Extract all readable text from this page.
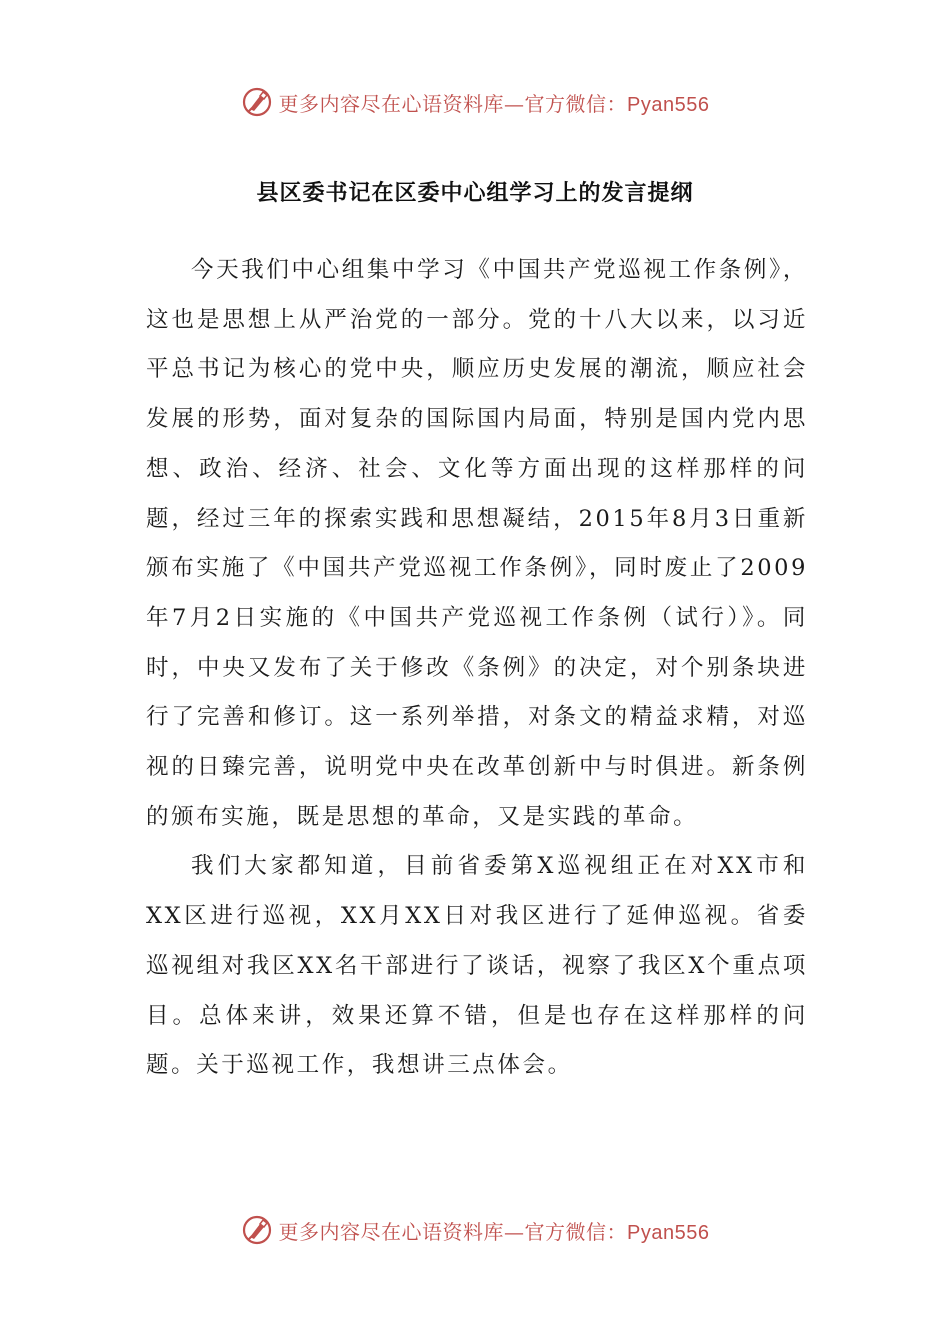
更多内容尽在心语资料库—官方微信：Pyan556
县区委书记在区委中心组学习上的发言提纲

今天我们中心组集中学习《中国共产党巡视工作条例》，这也是思想上从严治党的一部分。党的十八大以来，以习近平总书记为核心的党中央，顺应历史发展的潮流，顺应社会发展的形势，面对复杂的国际国内局面，特别是国内党内思想、政治、经济、社会、文化等方面出现的这样那样的问题，经过三年的探索实践和思想凝结，2015年8月3日重新颁布实施了《中国共产党巡视工作条例》，同时废止了2009年7月2日实施的《中国共产党巡视工作条例（试行）》。同时，中央又发布了关于修改《条例》的决定，对个别条块进行了完善和修订。这一系列举措，对条文的精益求精，对巡视的日臻完善，说明党中央在改革创新中与时俱进。新条例的颁布实施，既是思想的革命，又是实践的革命。

我们大家都知道，目前省委第X巡视组正在对XX市和XX区进行巡视，XX月XX日对我区进行了延伸巡视。省委巡视组对我区XX名干部进行了谈话，视察了我区X个重点项目。总体来讲，效果还算不错，但是也存在这样那样的问题。关于巡视工作，我想讲三点体会。

更多内容尽在心语资料库—官方微信：Pyan556
